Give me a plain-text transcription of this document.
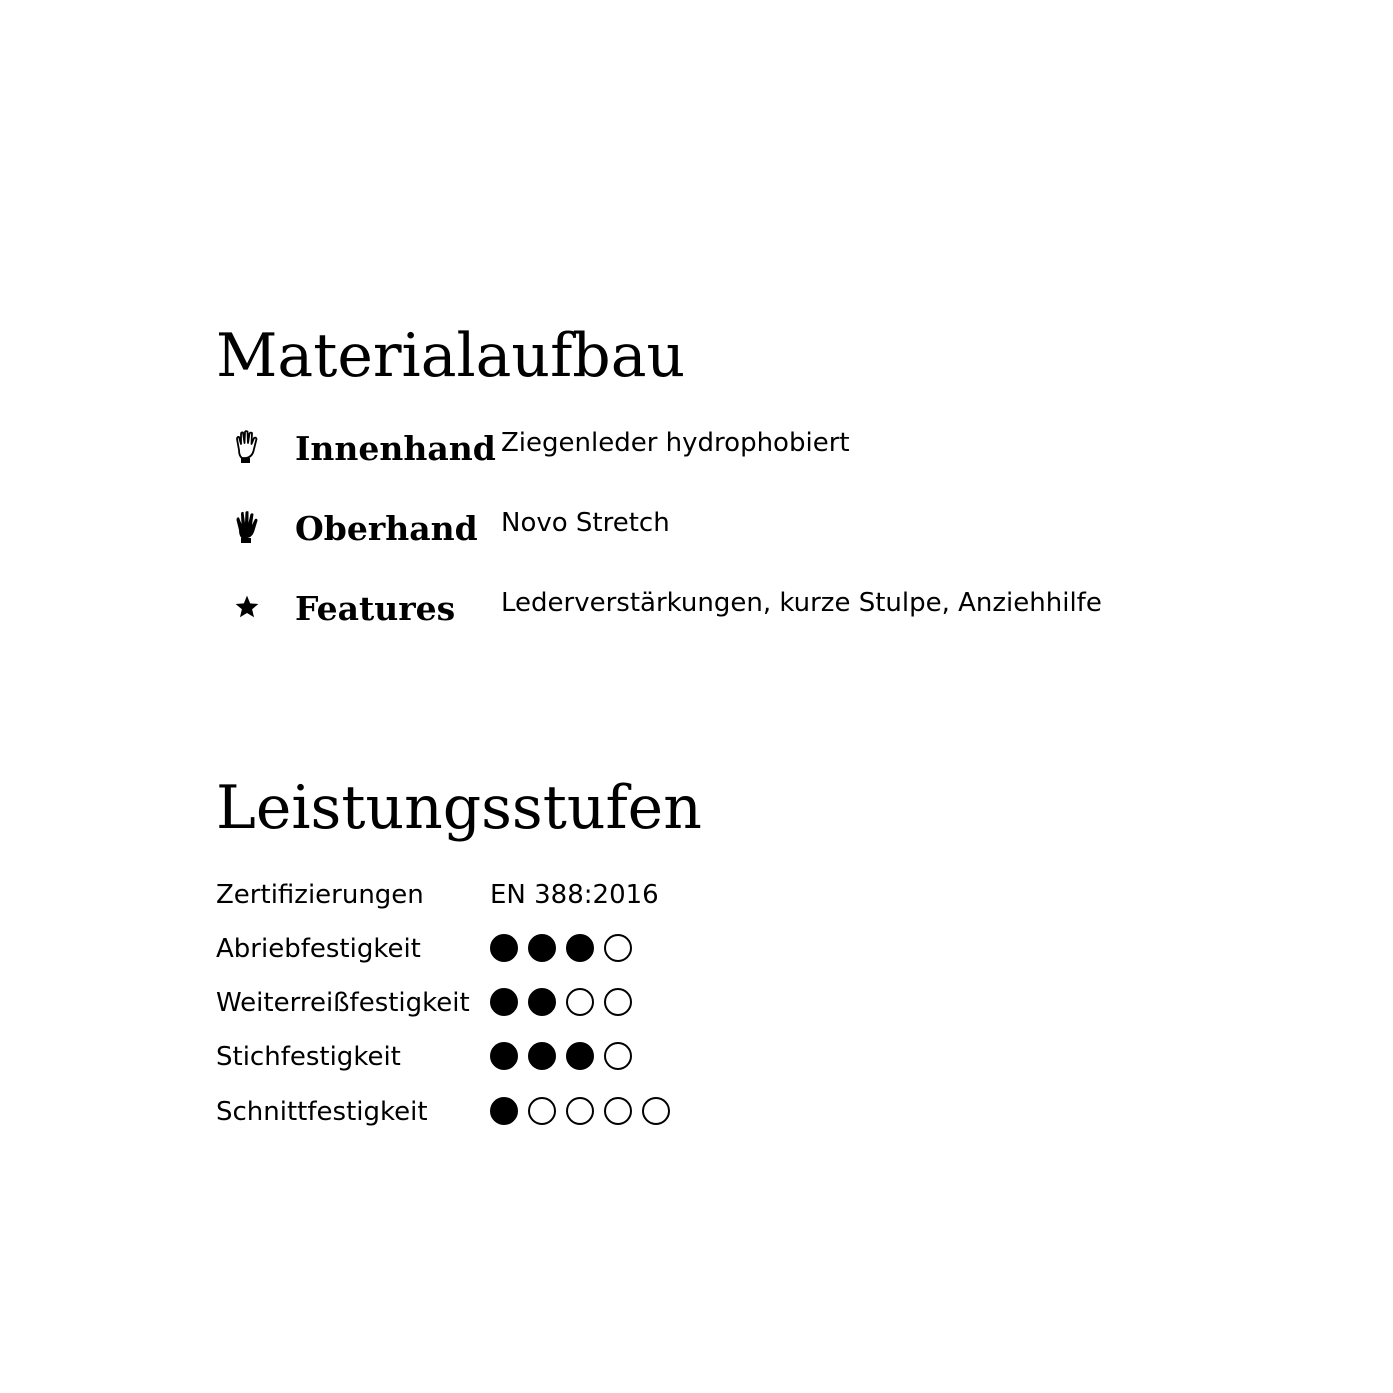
Materialaufbau
Innenhand Ziegenleder hydrophobiert
Oberhand Novo Stretch
Features Lederverstärkungen, kurze Stulpe, Anziehhilfe
Leistungsstufen
Zertifizierungen	EN 388:2016
Abriebfestigkeit
Weiterreißfestigkeit
Stichfestigkeit
Schnittfestigkeit
